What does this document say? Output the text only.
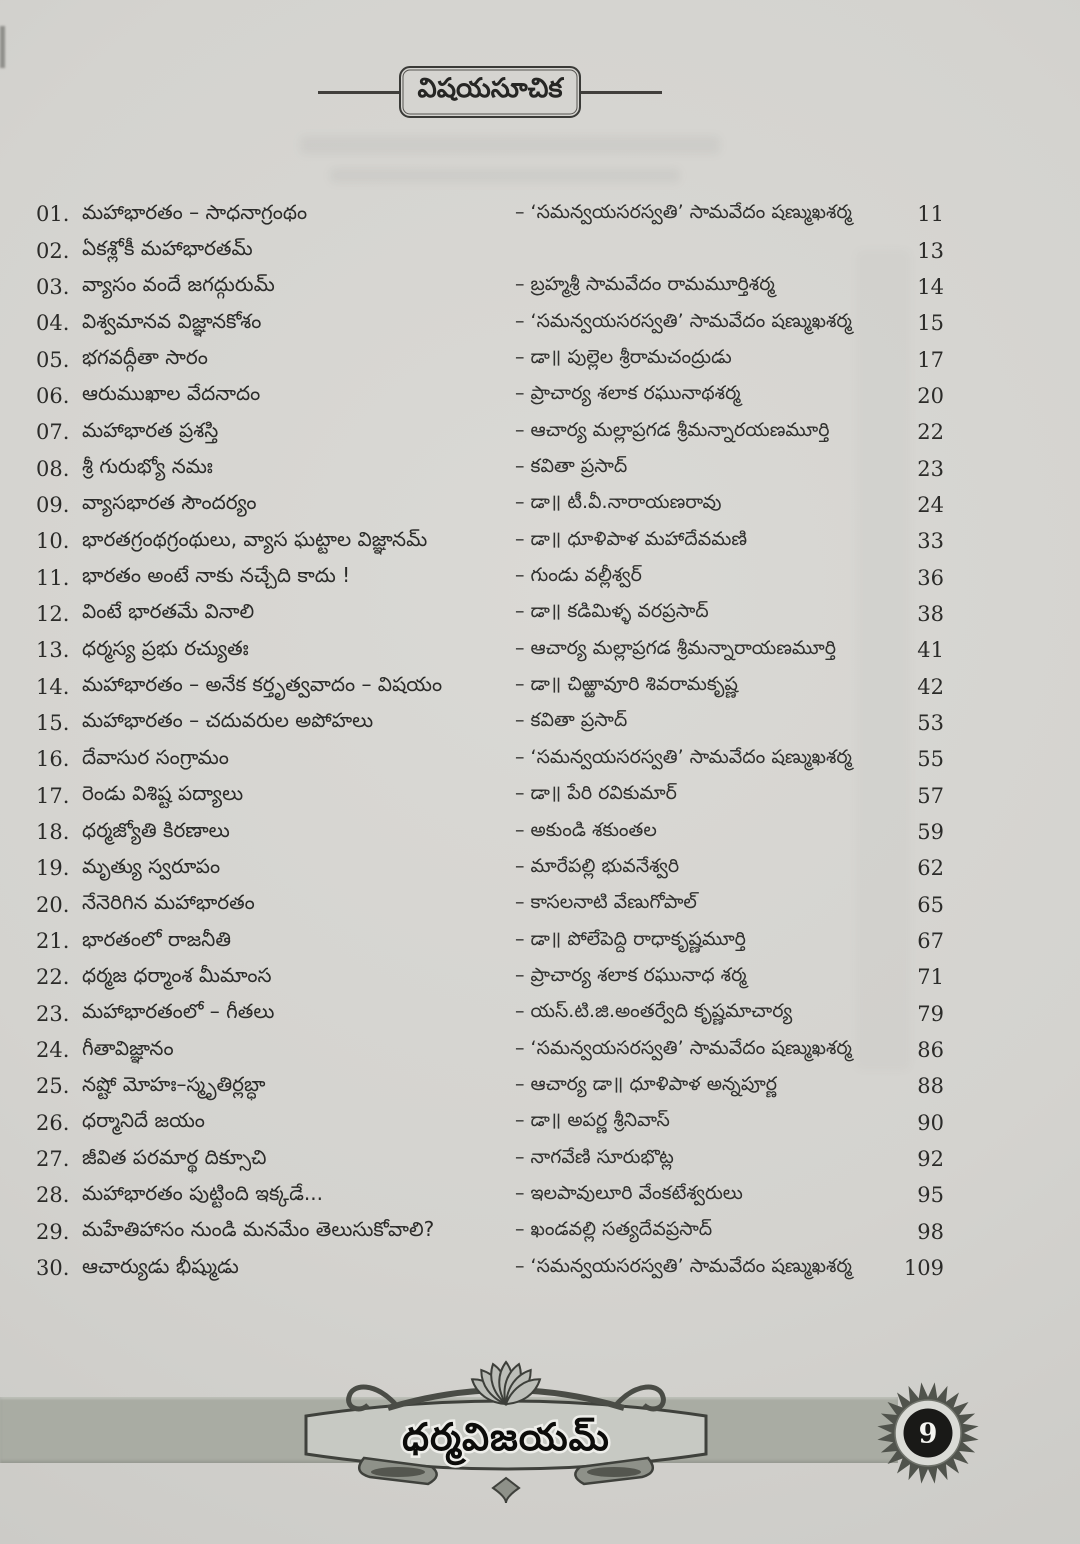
విషయసూచిక
01. మహాభారతం – సాధనాగ్రంథం	– ‘సమన్వయసరస్వతి’ సామవేదం షణ్ముఖశర్మ	11
02. ఏకశ్లోకీ మహాభారతమ్	13
03. వ్యాసం వందే జగద్గురుమ్	– బ్రహ్మశ్రీ సామవేదం రామమూర్తిశర్మ	14
04. విశ్వమానవ విజ్ఞానకోశం	– ‘సమన్వయసరస్వతి’ సామవేదం షణ్ముఖశర్మ	15
05. భగవద్గీతా సారం	– డా॥ పుల్లెల శ్రీరామచంద్రుడు	17
06. ఆరుముఖాల వేదనాదం	– ప్రాచార్య శలాక రఘునాథశర్మ	20
07. మహాభారత ప్రశస్తి	– ఆచార్య మల్లాప్రగడ శ్రీమన్నారయణమూర్తి	22
08. శ్రీ గురుభ్యో నమః	– కవితా ప్రసాద్	23
09. వ్యాసభారత సౌందర్యం	– డా॥ టీ.వీ.నారాయణరావు	24
10. భారతగ్రంథగ్రంథులు, వ్యాస ఘట్టాల విజ్ఞానమ్	– డా॥ ధూళిపాళ మహాదేవమణి	33
11. భారతం అంటే నాకు నచ్చేది కాదు !	– గుండు వల్లీశ్వర్	36
12. వింటే భారతమే వినాలి	– డా॥ కడిమిళ్ళ వరప్రసాద్	38
13. ధర్మస్య ప్రభు రచ్యుతః	– ఆచార్య మల్లాప్రగడ శ్రీమన్నారాయణమూర్తి	41
14. మహాభారతం – అనేక కర్తృత్వవాదం – విషయం	– డా॥ చిఱ్ఱావూరి శివరామకృష్ణ	42
15. మహాభారతం – చదువరుల అపోహలు	– కవితా ప్రసాద్	53
16. దేవాసుర సంగ్రామం	– ‘సమన్వయసరస్వతి’ సామవేదం షణ్ముఖశర్మ	55
17. రెండు విశిష్ట పద్యాలు	– డా॥ పేరి రవికుమార్	57
18. ధర్మజ్యోతి కిరణాలు	– అకుండి శకుంతల	59
19. మృత్యు స్వరూపం	– మారేపల్లి భువనేశ్వరి	62
20. నేనెరిగిన మహాభారతం	– కాసలనాటి వేణుగోపాల్	65
21. భారతంలో రాజనీతి	– డా॥ పోలేపెద్ది రాధాకృష్ణమూర్తి	67
22. ధర్మజ ధర్మాంశ మీమాంస	– ప్రాచార్య శలాక రఘునాధ శర్మ	71
23. మహాభారతంలో – గీతలు	– యస్.టి.జి.అంతర్వేది కృష్ణమాచార్య	79
24. గీతావిజ్ఞానం	– ‘సమన్వయసరస్వతి’ సామవేదం షణ్ముఖశర్మ	86
25. నష్టో మోహః–స్మృతిర్లబ్ధా	– ఆచార్య డా॥ ధూళిపాళ అన్నపూర్ణ	88
26. ధర్మానిదే జయం	– డా॥ అపర్ణ శ్రీనివాస్	90
27. జీవిత పరమార్థ దిక్సూచి	– నాగవేణి సూరుభొట్ల	92
28. మహాభారతం పుట్టింది ఇక్కడే...	– ఇలపావులూరి వేంకటేశ్వరులు	95
29. మహేతిహాసం నుండి మనమేం తెలుసుకోవాలి?	– ఖండవల్లి సత్యదేవప్రసాద్	98
30. ఆచార్యుడు భీష్ముడు	– ‘సమన్వయసరస్వతి’ సామవేదం షణ్ముఖశర్మ	109
ధర్మవిజయమ్	9
